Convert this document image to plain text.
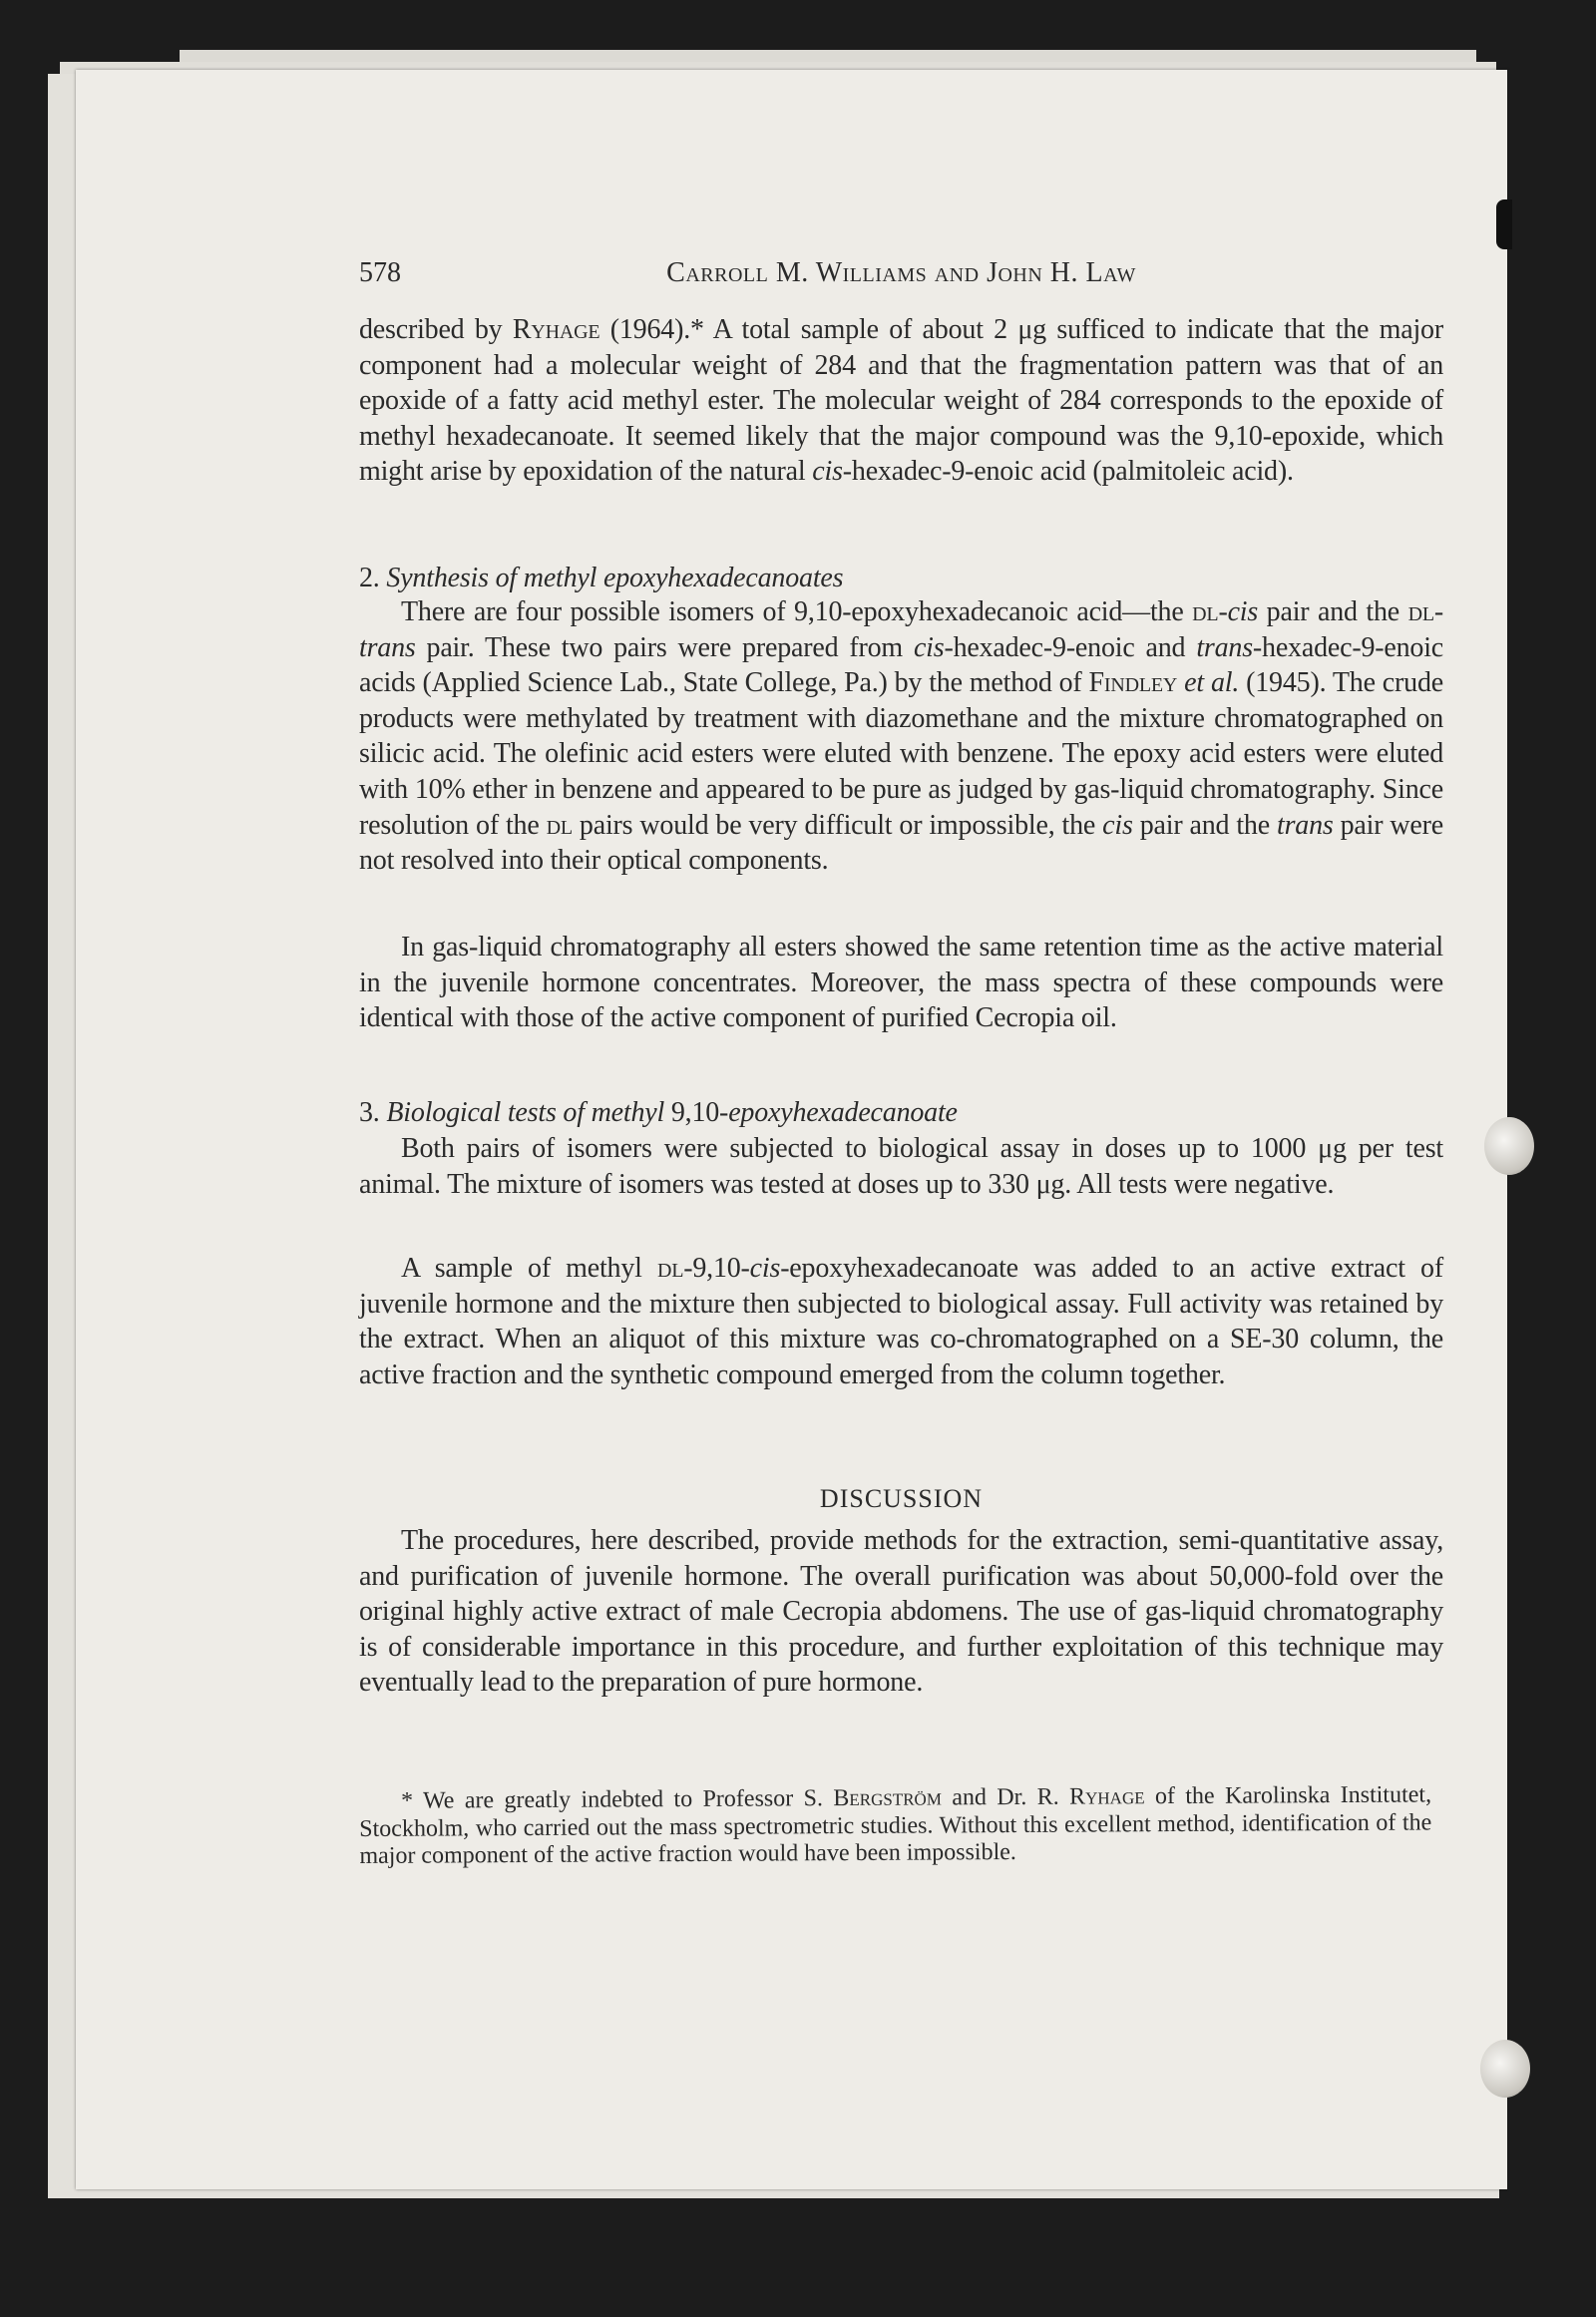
578	Carroll M. Williams and John H. Law

described by Ryhage (1964).* A total sample of about 2 μg sufficed to indicate that the major component had a molecular weight of 284 and that the fragmentation pattern was that of an epoxide of a fatty acid methyl ester. The molecular weight of 284 corresponds to the epoxide of methyl hexadecanoate. It seemed likely that the major compound was the 9,10-epoxide, which might arise by epoxidation of the natural cis-hexadec-9-enoic acid (palmitoleic acid).

2. Synthesis of methyl epoxyhexadecanoates

There are four possible isomers of 9,10-epoxyhexadecanoic acid—the dl-cis pair and the dl-trans pair. These two pairs were prepared from cis-hexadec-9-enoic and trans-hexadec-9-enoic acids (Applied Science Lab., State College, Pa.) by the method of Findley et al. (1945). The crude products were methylated by treatment with diazomethane and the mixture chromatographed on silicic acid. The olefinic acid esters were eluted with benzene. The epoxy acid esters were eluted with 10% ether in benzene and appeared to be pure as judged by gas-liquid chromatography. Since resolution of the dl pairs would be very difficult or impossible, the cis pair and the trans pair were not resolved into their optical components.

In gas-liquid chromatography all esters showed the same retention time as the active material in the juvenile hormone concentrates. Moreover, the mass spectra of these compounds were identical with those of the active component of purified Cecropia oil.

3. Biological tests of methyl 9,10-epoxyhexadecanoate

Both pairs of isomers were subjected to biological assay in doses up to 1000 μg per test animal. The mixture of isomers was tested at doses up to 330 μg. All tests were negative.

A sample of methyl dl-9,10-cis-epoxyhexadecanoate was added to an active extract of juvenile hormone and the mixture then subjected to biological assay. Full activity was retained by the extract. When an aliquot of this mixture was co-chromatographed on a SE-30 column, the active fraction and the synthetic compound emerged from the column together.

DISCUSSION

The procedures, here described, provide methods for the extraction, semi-quantitative assay, and purification of juvenile hormone. The overall purification was about 50,000-fold over the original highly active extract of male Cecropia abdomens. The use of gas-liquid chromatography is of considerable importance in this procedure, and further exploitation of this technique may eventually lead to the preparation of pure hormone.

* We are greatly indebted to Professor S. Bergström and Dr. R. Ryhage of the Karolinska Institutet, Stockholm, who carried out the mass spectrometric studies. Without this excellent method, identification of the major component of the active fraction would have been impossible.
